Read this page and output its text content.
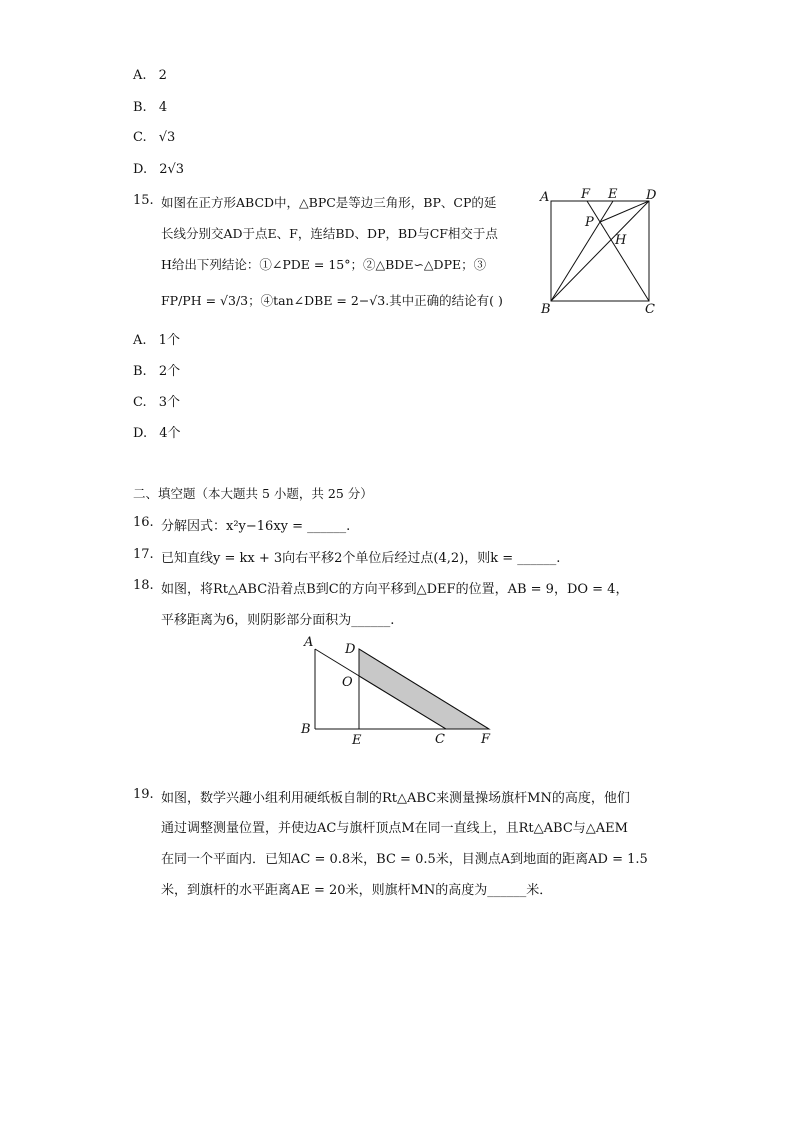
A. 2
B. 4
C. √3
D. 2√3
15. 如图在正方形ABCD中，△BPC是等边三角形，BP、CP的延
长线分别交AD于点E、F，连结BD、DP，BD与CF相交于点
H给出下列结论：①∠PDE = 15°；②△BDE∽△DPE；③
FP/PH = √3/3；④tan∠DBE = 2−√3.其中正确的结论有( )
A F E D
P
H
B	C
A. 1个
B. 2个
C. 3个
D. 4个
二、填空题（本大题共 5 小题，共 25 分）
16. 分解因式：x²y−16xy = ______.
17. 已知直线y = kx + 3向右平移2个单位后经过点(4,2)，则k = ______.
18. 如图，将Rt△ABC沿着点B到C的方向平移到△DEF的位置，AB = 9，DO = 4，
平移距离为6，则阴影部分面积为______.
A D
O
B
E	C	F
19. 如图，数学兴趣小组利用硬纸板自制的Rt△ABC来测量操场旗杆MN的高度，他们
通过调整测量位置，并使边AC与旗杆顶点M在同一直线上，且Rt△ABC与△AEM
在同一个平面内．已知AC = 0.8米，BC = 0.5米，目测点A到地面的距离AD = 1.5
米，到旗杆的水平距离AE = 20米，则旗杆MN的高度为______米．
